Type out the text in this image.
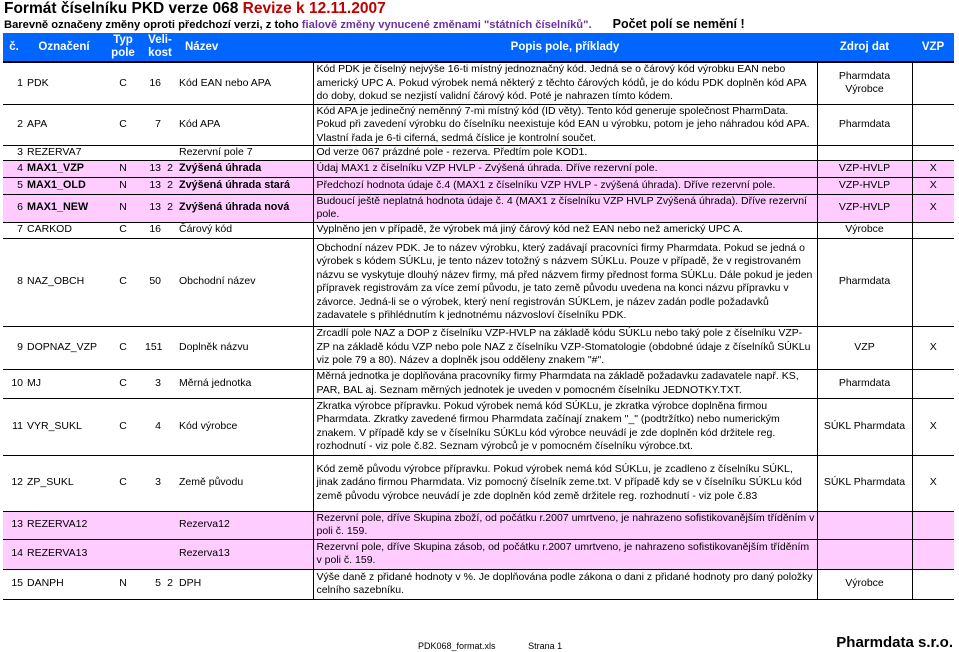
Formát číselníku PKD verze 068 Revize k 12.11.2007
Barevně označeny změny oproti předchozí verzi, z toho fialově změny vynucené změnami "státních číselníků". Počet polí se nemění !
č.	Označení	Typ pole	Veli-kost		Název	Popis pole, příklady	Zdroj dat	VZP
1	PDK	C	16		Kód EAN nebo APA	Kód PDK je číselný nejvýše 16-ti místný jednoznačný kód. Jedná se o čárový kód výrobku EAN nebo americký UPC A. Pokud výrobek nemá některý z těchto čárových kódů, je do kódu PDK doplněn kód APA do doby, dokud se nezjistí validní čárový kód. Poté je nahrazen tímto kódem.	Pharmdata Výrobce	
2	APA	C	7		Kód APA	Kód APA je jedinečný neměnný 7-mi místný kód (ID věty). Tento kód generuje společnost PharmData. Pokud při zavedení výrobku do číselníku neexistuje kód EAN u výrobku, potom je jeho náhradou kód APA. Vlastní řada je 6-ti ciferná, sedmá číslice je kontrolní součet.	Pharmdata	
3	REZERVA7				Rezervní pole 7	Od verze 067 prázdné pole - rezerva. Předtím pole KOD1.		
4	MAX1_VZP	N	13	2	Zvýšená úhrada	Údaj MAX1 z číselníku VZP HVLP - Zvýšená úhrada. Dříve rezervní pole.	VZP-HVLP	X
5	MAX1_OLD	N	13	2	Zvýšená úhrada stará	Předchozí hodnota údaje č.4 (MAX1 z číselníku VZP HVLP - zvýšená úhrada). Dříve rezervní pole.	VZP-HVLP	X
6	MAX1_NEW	N	13	2	Zvýšená úhrada nová	Budoucí ještě neplatná hodnota údaje č. 4 (MAX1 z číselníku VZP HVLP Zvýšená úhrada). Dříve rezervní pole.	VZP-HVLP	X
7	CARKOD	C	16		Čárový kód	Vyplněno jen v případě, že výrobek má jiný čárový kód než EAN nebo než americký UPC A.	Výrobce	
8	NAZ_OBCH	C	50		Obchodní název	Obchodní název PDK. Je to název výrobku, který zadávají pracovníci firmy Pharmdata. Pokud se jedná o výrobek s kódem SÚKLu, je tento název totožný s názvem SÚKLu. Pouze v případě, že v registrovaném názvu se vyskytuje dlouhý název firmy, má před názvem firmy přednost forma SÚKLu. Dále pokud je jeden přípravek registrovám za více zemí původu, je tato země původu uvedena na konci názvu přípravku v závorce. Jedná-li se o výrobek, který není registrován SÚKLem, je název zadán podle požadavků zadavatele s přihlédnutím k jednotnému názvosloví číselníku PDK.	Pharmdata	
9	DOPNAZ_VZP	C	151		Doplněk názvu	Zrcadlí pole NAZ a DOP z číselníku VZP-HVLP na základě kódu SÚKLu nebo taký pole z číselníku VZP-ZP na základě kódu VZP nebo pole NAZ z číselníku VZP-Stomatologie (obdobné údaje z číselníků SÚKLu viz pole 79 a 80). Název a doplněk jsou odděleny znakem "#".	VZP	X
10	MJ	C	3		Měrná jednotka	Měrná jednotka je doplňována pracovníky firmy Pharmdata na základě požadavku zadavatele např. KS, PAR, BAL aj. Seznam měrných jednotek je uveden v pomocném číselníku JEDNOTKY.TXT.	Pharmdata	
11	VYR_SUKL	C	4		Kód výrobce	Zkratka výrobce přípravku. Pokud výrobek nemá kód SÚKLu, je zkratka výrobce doplněna firmou Pharmdata. Zkratky zavedené firmou Pharmdata začínají znakem "_" (podtržítko) nebo numerickým znakem. V případě kdy se v číselníku SÚKLu kód výrobce neuvádí je zde doplněn kód držitele reg. rozhodnutí - viz pole č.82. Seznam výrobců je v pomocném číselníku výrobce.txt.	SÚKL Pharmdata	X
12	ZP_SUKL	C	3		Země původu	Kód země původu výrobce přípravku. Pokud výrobek nemá kód SÚKLu, je zcadleno z číselníku SÚKL, jinak zadáno firmou Pharmdata. Viz pomocný číselník zeme.txt. V případě kdy se v číselníku SÚKLu kód země původu výrobce neuvádí je zde doplněn kód země držitele reg. rozhodnutí - viz pole č.83	SÚKL Pharmdata	X
13	REZERVA12				Rezerva12	Rezervní pole, dříve Skupina zboží, od počátku r.2007 umrtveno, je nahrazeno sofistikovanějším tříděním v poli č. 159.		
14	REZERVA13				Rezerva13	Rezervní pole, dříve Skupina zásob, od počátku r.2007 umrtveno, je nahrazeno sofistikovanějším tříděním v poli č. 159.		
15	DANPH	N	5	2	DPH	Výše daně z přidané hodnoty v %. Je doplňována podle zákona o dani z přidané hodnoty pro daný položky celního sazebníku.	Výrobce	
PDK068_format.xls	Strana 1	Pharmdata s.r.o.
